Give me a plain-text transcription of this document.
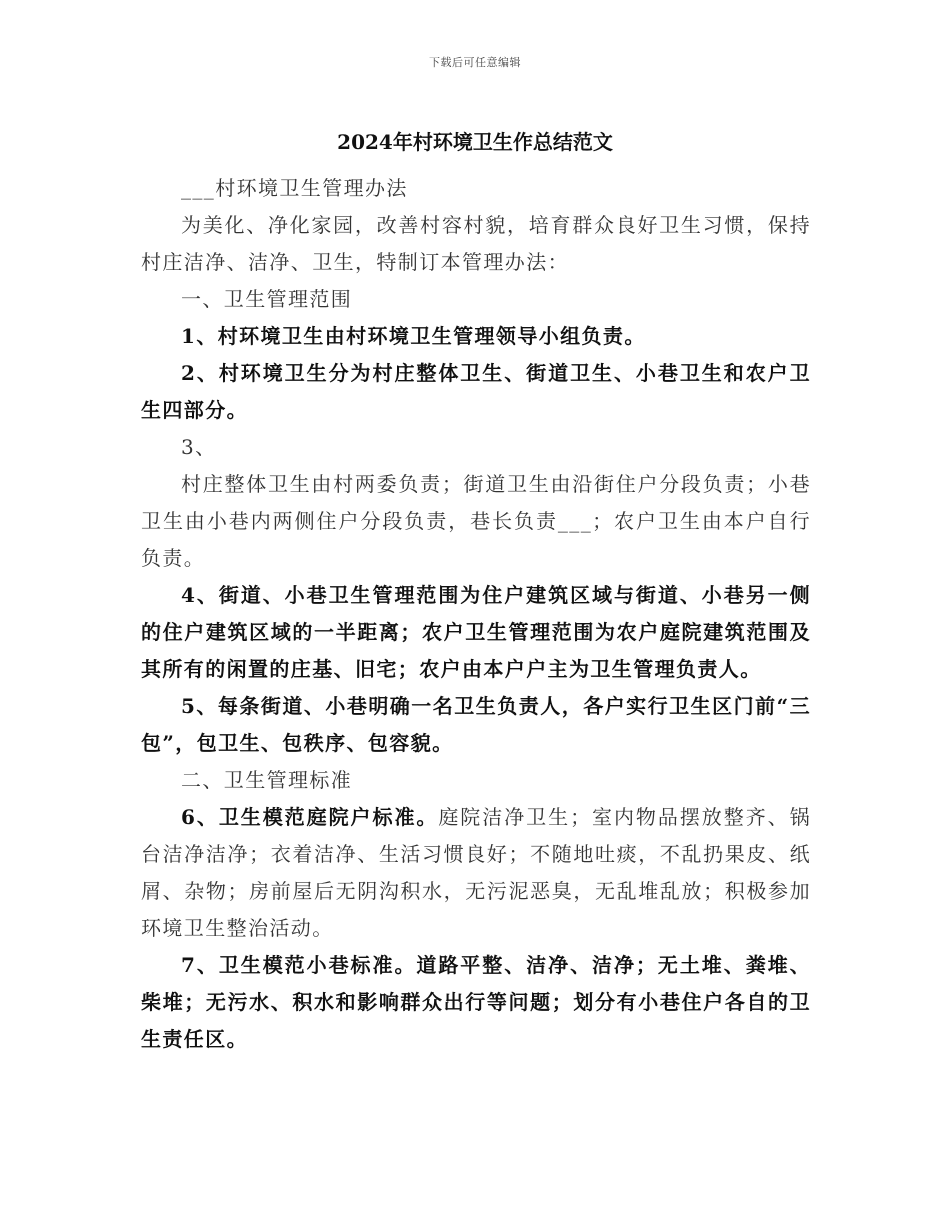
下载后可任意编辑
2024年村环境卫生作总结范文

___村环境卫生管理办法

为美化、净化家园，改善村容村貌，培育群众良好卫生习惯，保持村庄洁净、洁净、卫生，特制订本管理办法：

一、卫生管理范围

1、村环境卫生由村环境卫生管理领导小组负责。

2、村环境卫生分为村庄整体卫生、街道卫生、小巷卫生和农户卫生四部分。

3、

村庄整体卫生由村两委负责；街道卫生由沿街住户分段负责；小巷卫生由小巷内两侧住户分段负责，巷长负责___；农户卫生由本户自行负责。

4、街道、小巷卫生管理范围为住户建筑区域与街道、小巷另一侧的住户建筑区域的一半距离；农户卫生管理范围为农户庭院建筑范围及其所有的闲置的庄基、旧宅；农户由本户户主为卫生管理负责人。

5、每条街道、小巷明确一名卫生负责人，各户实行卫生区门前“三包”，包卫生、包秩序、包容貌。

二、卫生管理标准

6、卫生模范庭院户标准。庭院洁净卫生；室内物品摆放整齐、锅台洁净洁净；衣着洁净、生活习惯良好；不随地吐痰，不乱扔果皮、纸屑、杂物；房前屋后无阴沟积水，无污泥恶臭，无乱堆乱放；积极参加环境卫生整治活动。

7、卫生模范小巷标准。道路平整、洁净、洁净；无土堆、粪堆、柴堆；无污水、积水和影响群众出行等问题；划分有小巷住户各自的卫生责任区。
